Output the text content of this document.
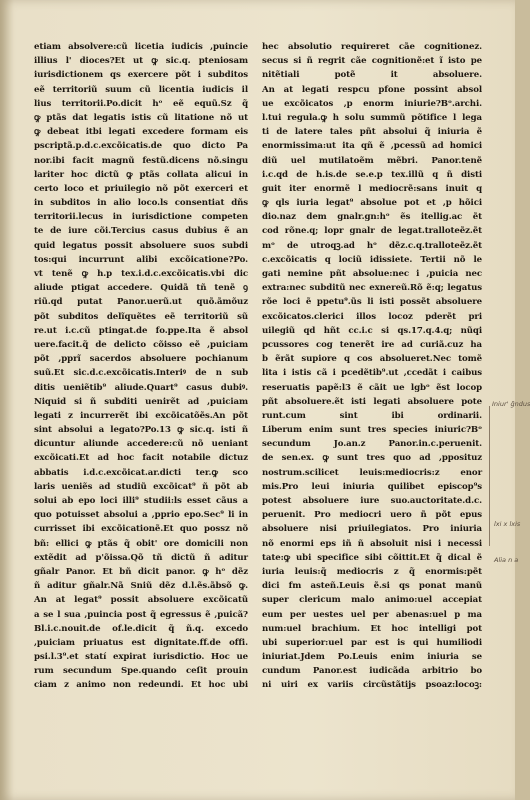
etiam absolvere:cũ licetia iudicis ,puincie
illius l' dioces?Et ut ꝙ sic.q. pteniosam
iurisdictionem qs exercere põt i subditos
eẽ territoriũ suum cũ licentia iudicis il
lius territorii.Po.dicit hᵒ eẽ equũ.Sz q̃
ꝙ ptãs dat legatis istis cũ litatione nõ ut
ꝙ debeat itbi legati excedere formam eis
pscriptã.p.d.c.excõicatis.de quo dicto Pa
nor.ibi facit magnũ festũ.dicens nõ.singu
lariter hoc dictũ ꝙ ptãs collata alicui in
certo loco et priuilegio nõ põt exerceri et
in subditos in alio loco.ls consentiat dñs
territorii.lecus in iurisdictione competen
te de iure cõi.Tercius casus dubius ẽ an
quid legatus possit absoluere suos subdi
tos:qui incurrunt alibi excõicatione?Po.
vt tenẽ ꝙ h.p tex.i.d.c.excõicatis.vbi dic
aliude ptigat accedere. Quidã tñ tenẽ ꝯ
riũ.qd putat Panor.uerũ.ut quõ.ãmõuz
põt subditos delĩquẽtes eẽ territoriũ sũ
re.ut i.c.cũ ptingat.de fo.ppe.Ita ẽ absol
uere.facit.q̃ de delicto cõisso eẽ ,puiciam
põt ,pprĩ sacerdos absoluere pochianum
suũ.Et sic.d.c.excõicatis.Interiꝰ de n sub
ditis ueniẽtib⁹ aliude.Quart⁹ casus dubiꝰ.
Niquid si ñ subditi uenirẽt ad ,puiciam
legati z incurrerẽt ibi excõicatõẽs.An põt
sint absolui a legato?Po.13 ꝙ sic.q. isti ñ
dicuntur aliunde accedere:cũ nõ ueniant
excõicati.Et ad hoc facit notabile dictuz
abbatis i.d.c.excõicat.ar.dicti ter.ꝙ sco
laris ueniẽs ad studiũ excõicat⁹ ñ põt ab
solui ab epo loci illi⁹ studii:ls esset cãus a
quo potuisset absolui a ,pprio epo.Sec⁹ li in
currisset ibi excõicationẽ.Et quo possz nõ
bñ: ellici ꝙ ptãs q̃ obit' ore domicili non
extẽdit ad p'õissa.Qõ tñ dictũ ñ aditur
gñalr Panor. Et bñ dicit panor. ꝙ hᵒ dẽz
ñ aditur gñalr.Nã Sniũ dẽz d.l.ẽs.ãbsõ ꝙ.
An at legat⁹ possit absoluere excõicatũ
a se l sua ,puincia post q̃ egressus ẽ ,puicã?
Bl.i.c.nouit.de of.le.dicit q̃ ñ.q. excedo
,puiciam priuatus est dignitate.ff.de offi.
psi.l.3⁹.et statí expirat iurisdictio. Hoc ue
rum secundum Spe.quando ceſit prouin
ciam z animo non redeundi. Et hoc ubi
hec absolutio requireret cãe cognitionez.
secus si ñ regrit cãe cognitionẽ:et ĩ isto pe
nitẽtiali potẽ it absoluere.
An at legati respcu pfone possint absol
ue excõicatos ,p enorm iniurie?Bᵒ.archi.
l.tui regula.ꝙ h solu summũ põtifice l lega
ti de latere tales pñt absolui q̃ iniuria ẽ
enormissima:ut ita qñ ẽ ,pcessũ ad homici
diũ uel mutilatoẽm mẽbri. Panor.tenẽ
i.c.qd de h.is.de se.e.p tex.illũ q ñ disti
guit iter enormẽ l mediocrẽ:sans inuit q
ꝙ qls iuria legat⁹ absolue pot et ,p hõici
dio.naz dem gnalr.gn:hᵒ ẽs itellig.ac ẽt
cod rõne.q; lopr gnalr de legat.tralloteẽz.ẽt
mᵒ de utroqꝫ.ad hᵒ dẽz.c.q.tralloteẽz.ẽt
c.excõicatis q lociũ idissiete. Tertii nõ le
gati nemine pñt absolue:nec i ,puicia nec
extra:nec subditũ nec exnereũ.Rõ ẽ:q; legatus
rõe loci ẽ ppetu⁹.ũs li isti possẽt absoluere
excõicatos.clerici illos locoz pderẽt pri
uilegiũ qd hñt cc.i.c si qs.17.q.4.q; nũqi
pcussores cog tenerẽt ire ad curiã.cuz ha
b ẽrãt supiore q cos absolueret.Nec tomẽ
lita i istis cã i pcedẽtib⁹.ut ,ccedãt i caibus
reseruatis papẽ:l3 ẽ cãit ue lgbᵒ ẽst locop
pñt absoluere.ẽt isti legati absoluere pote
runt.cum sint ibi ordinarii.
Liberum enim sunt tres species iniuric?Bᵒ
secundum Jo.an.z Panor.in.c.peruenit.
de sen.ex. ꝙ sunt tres quo ad ,pposituz
nostrum.scilicet leuis:mediocris:z enor
mis.Pro leui iniuria quilibet episcop⁹s
potest absoluere iure suo.auctoritate.d.c.
peruenit. Pro mediocri uero ñ põt epus
absoluere nisi priuilegiatos. Pro iniuria
nõ enormi eps iñ ñ absoluit nisi i necessi
tate:ꝙ ubi specifice sibi cõittit.Et q̃ dical ẽ
iuria leuis:q̃ mediocris z q̃ enormis:pẽt
dici fm asteñ.Leuis ẽ.si qs ponat manũ
super clericum malo animo:uel accepiat
eum per uestes uel per abenas:uel p ma
num:uel brachium. Et hoc intelligi pot
ubi superior:uel par est is qui humiliodi
iniuriat.Jdem Po.Leuis enim iniuria se
cundum Panor.est iudicãda arbitrio bo
ni uiri ex variis circũstãtijs psoaz:locoꝫ:
Iniur' g̃ndus
lxi̇ x lxi̇s
Alia n a
